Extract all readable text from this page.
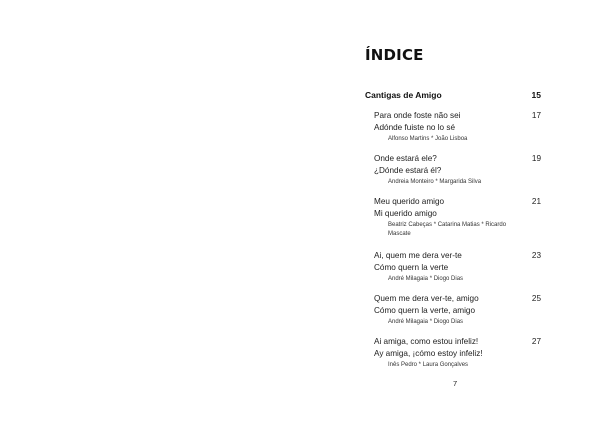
ÍNDICE
Cantigas de Amigo	15
Para onde foste não sei
Adónde fuiste no lo sé
Alfonso Martins * João Lisboa
17
Onde estará ele?
¿Dónde estará él?
Andreia Monteiro * Margarida Silva
19
Meu querido amigo
Mi querido amigo
Beatriz Cabeças * Catarina Matias * Ricardo Mascate
21
Ai, quem me dera ver-te
Cómo quern la verte
André Milagaia * Diogo Dias
23
Quem me dera ver-te, amigo
Cómo quern la verte, amigo
André Milagaia * Diogo Dias
25
Ai amiga, como estou infeliz!
Ay amiga, ¡cómo estoy infeliz!
Inês Pedro * Laura Gonçalves
27
7
